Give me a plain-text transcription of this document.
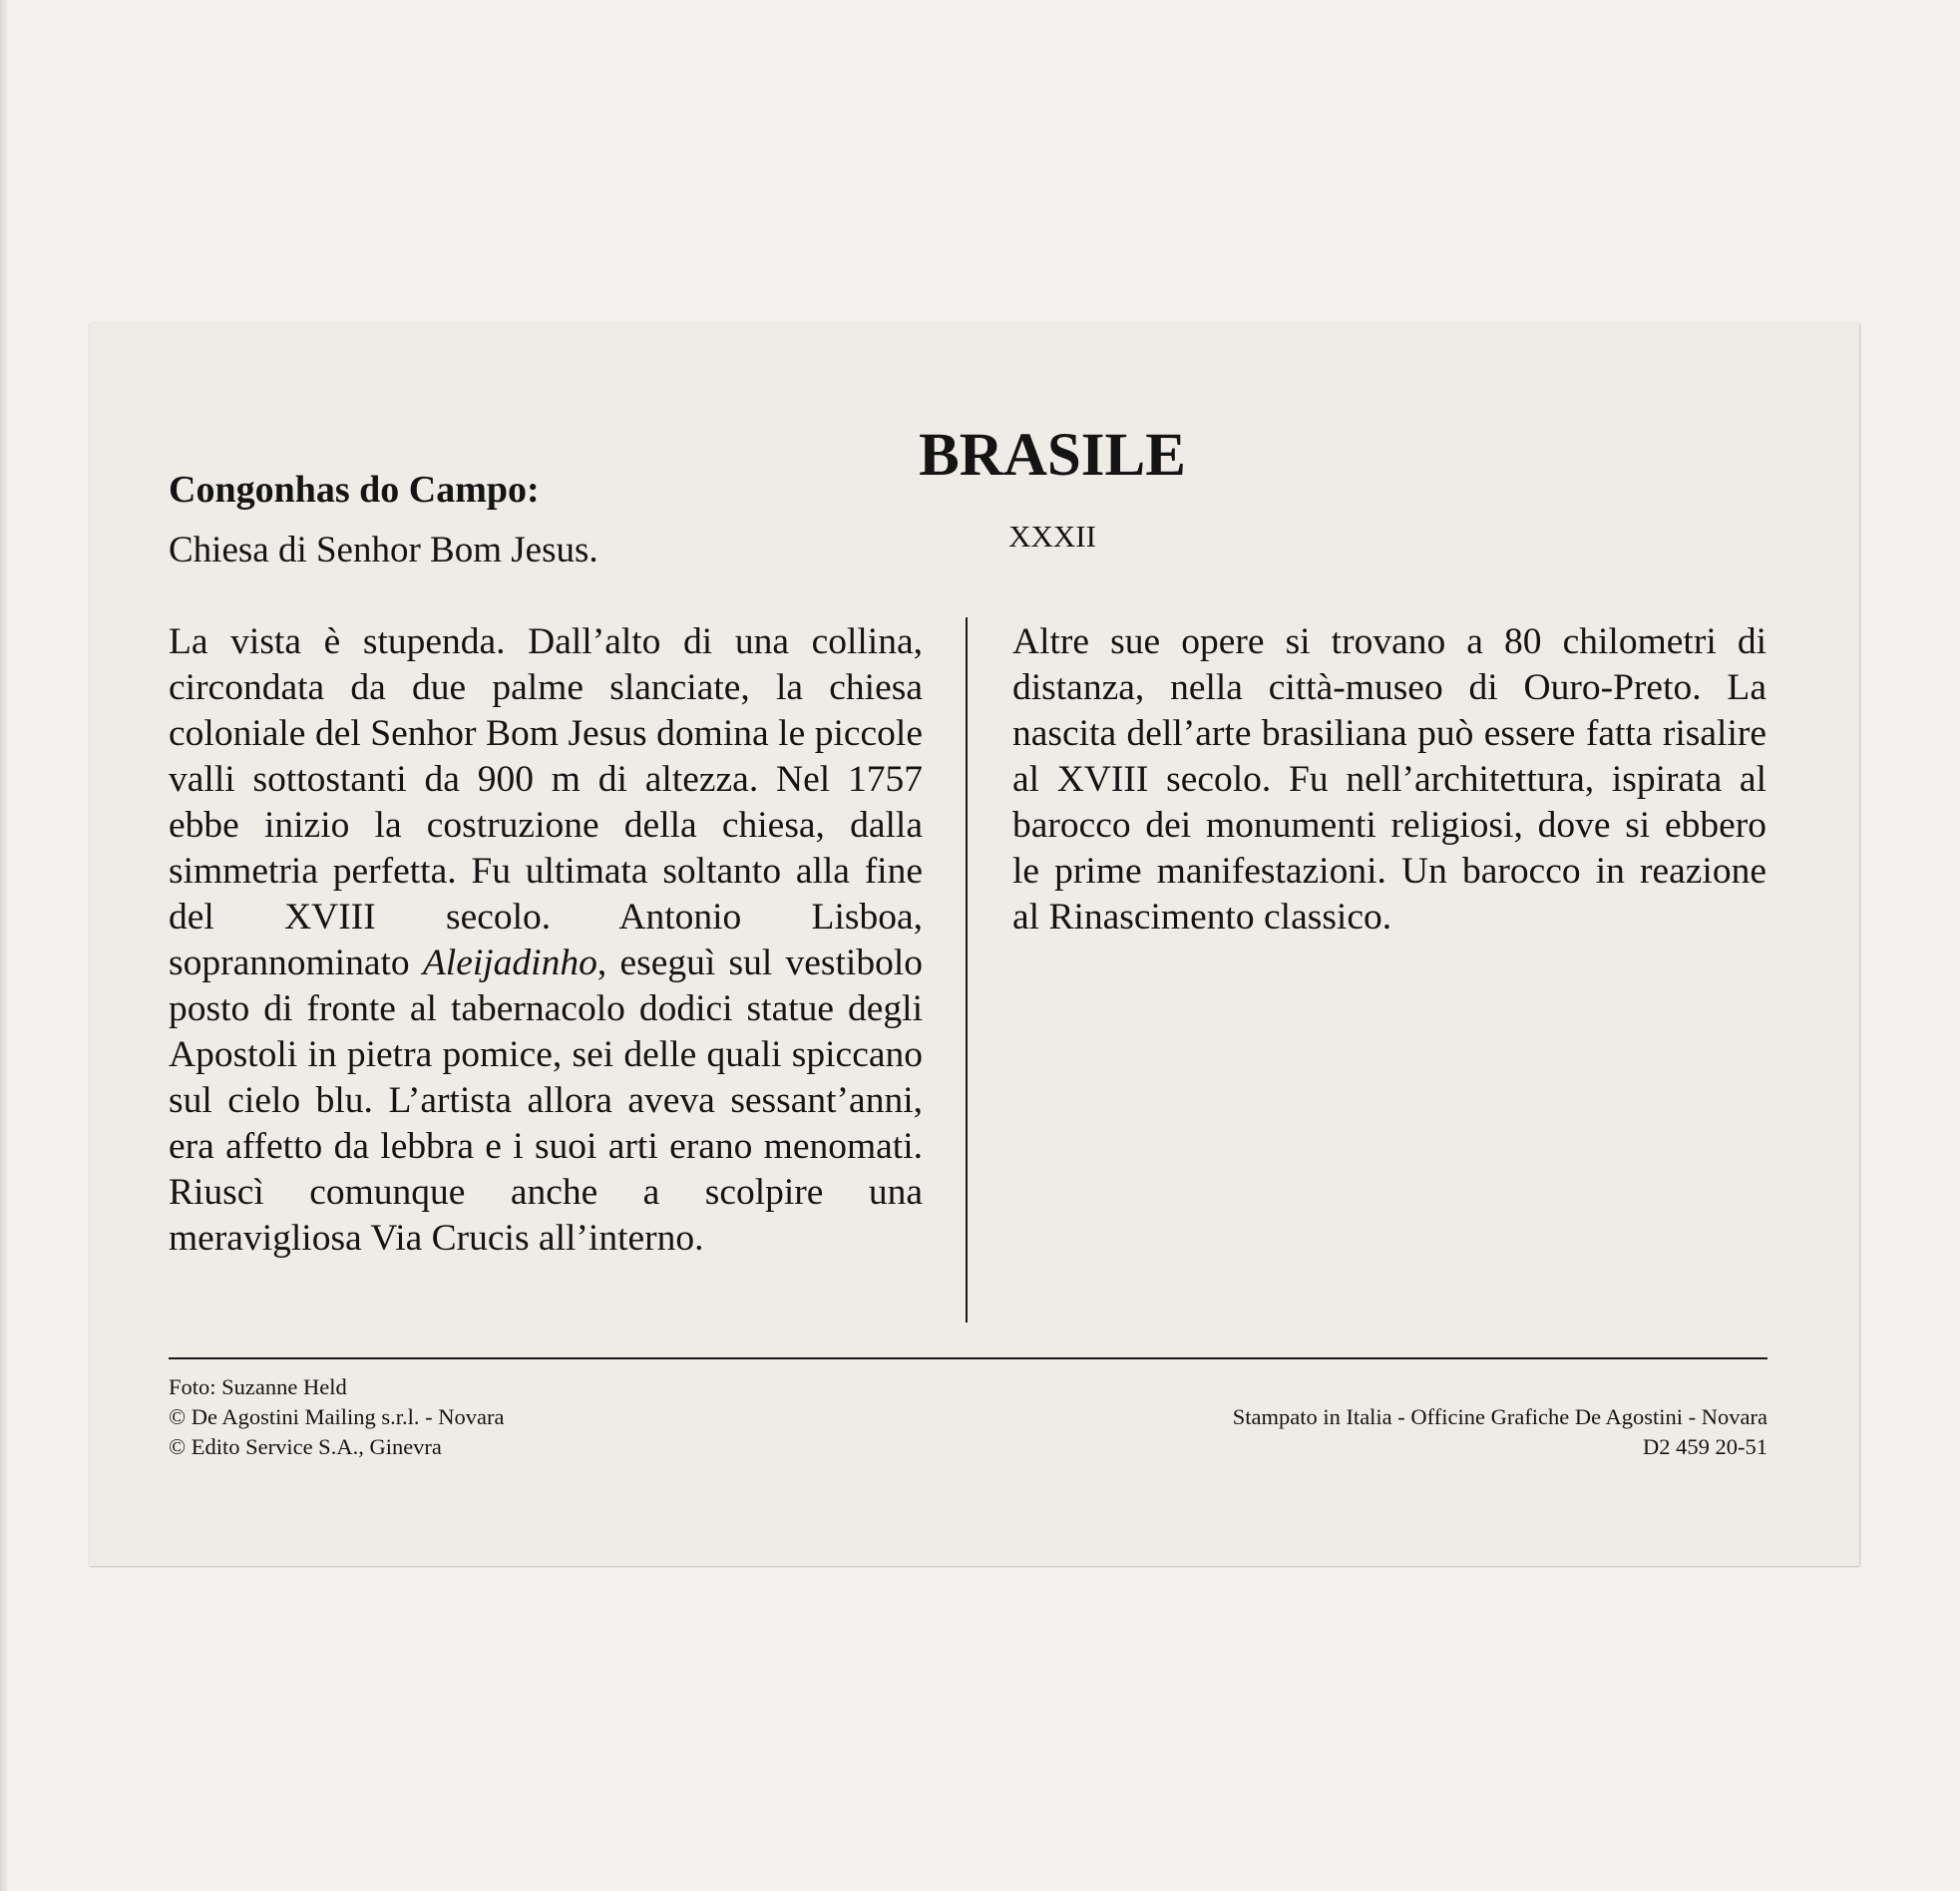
Congonhas do Campo:
Chiesa di Senhor Bom Jesus.
BRASILE
XXXII
La vista è stupenda. Dall’alto di una collina, circondata da due palme slanciate, la chiesa coloniale del Senhor Bom Jesus domina le piccole valli sottostanti da 900 m di altezza. Nel 1757 ebbe inizio la costruzione della chiesa, dalla simmetria perfetta. Fu ultimata soltanto alla fine del XVIII secolo. Antonio Lisboa, soprannominato Aleijadinho, eseguì sul vestibolo posto di fronte al tabernacolo dodici statue degli Apostoli in pietra pomice, sei delle quali spiccano sul cielo blu. L’artista allora aveva sessant’anni, era affetto da lebbra e i suoi arti erano menomati. Riuscì comunque anche a scolpire una meravigliosa Via Crucis all’interno.
Altre sue opere si trovano a 80 chilometri di distanza, nella città-museo di Ouro-Preto. La nascita dell’arte brasiliana può essere fatta risalire al XVIII secolo. Fu nell’architettura, ispirata al barocco dei monumenti religiosi, dove si ebbero le prime manifestazioni. Un barocco in reazione al Rinascimento classico.
Foto: Suzanne Held
© De Agostini Mailing s.r.l. - Novara
© Edito Service S.A., Ginevra
Stampato in Italia - Officine Grafiche De Agostini - Novara
D2 459 20-51
